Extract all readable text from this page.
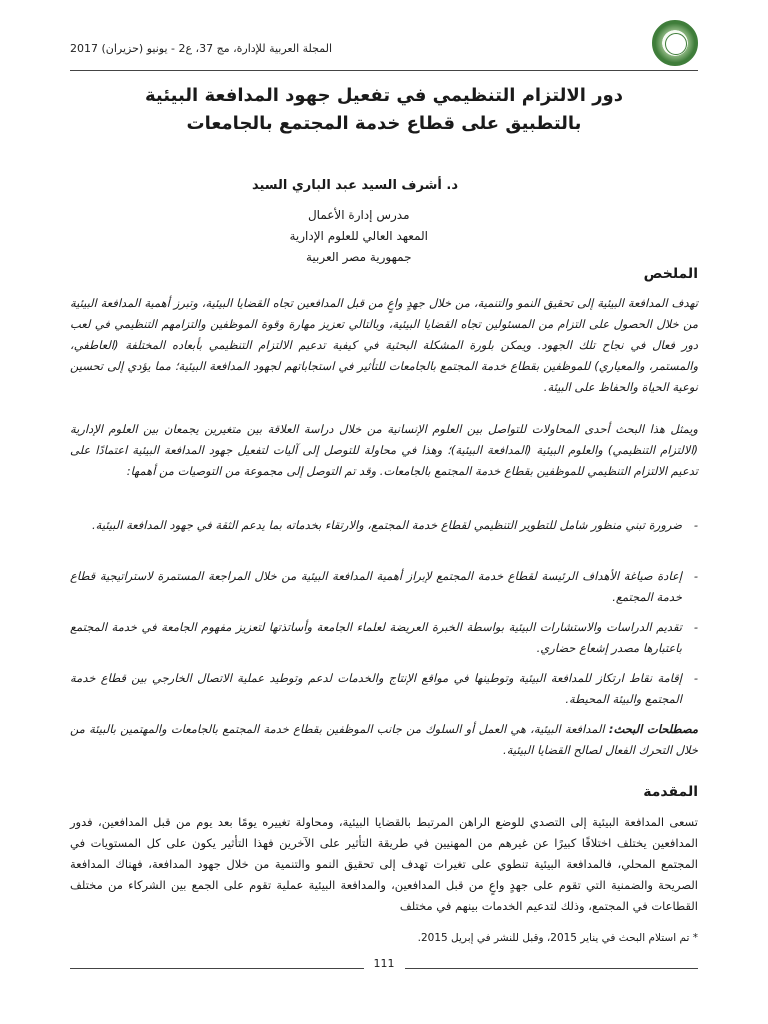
المجلة العربية للإدارة، مج 37، ع2 - يونيو (حزيران) 2017
دور الالتزام التنظيمي في تفعيل جهود المدافعة البيئية
بالتطبيق على قطاع خدمة المجتمع بالجامعات
د. أشرف السيد عبد الباري السيد
مدرس إدارة الأعمال
المعهد العالي للعلوم الإدارية
جمهورية مصر العربية
الملخص
تهدف المدافعة البيئية إلى تحقيق النمو والتنمية، من خلال جهدٍ واعٍ من قبل المدافعين تجاه القضايا البيئية، وتبرز أهمية المدافعة البيئية من خلال الحصول على التزام من المسئولين تجاه القضايا البيئية، وبالتالي تعزيز مهارة وقوة الموظفين والتزامهم التنظيمي في لعب دور فعال في نجاح تلك الجهود. ويمكن بلورة المشكلة البحثية في كيفية تدعيم الالتزام التنظيمي بأبعاده المختلفة (العاطفي، والمستمر، والمعياري) للموظفين بقطاع خدمة المجتمع بالجامعات للتأثير في استجاباتهم لجهود المدافعة البيئية؛ مما يؤدي إلى تحسين نوعية الحياة والحفاظ على البيئة.
ويمثل هذا البحث أحدى المحاولات للتواصل بين العلوم الإنسانية من خلال دراسة العلاقة بين متغيرين يجمعان بين العلوم الإدارية (الالتزام التنظيمي) والعلوم البيئية (المدافعة البيئية)؛ وهذا في محاولة للتوصل إلى آليات لتفعيل جهود المدافعة البيئية اعتمادًا على تدعيم الالتزام التنظيمي للموظفين بقطاع خدمة المجتمع بالجامعات. وقد تم التوصل إلى مجموعة من التوصيات من أهمها:
-
ضرورة تبني منظور شامل للتطوير التنظيمي لقطاع خدمة المجتمع، والارتقاء بخدماته بما يدعم الثقة في جهود المدافعة البيئية.
-
إعادة صياغة الأهداف الرئيسة لقطاع خدمة المجتمع لإبراز أهمية المدافعة البيئية من خلال المراجعة المستمرة لاستراتيجية قطاع خدمة المجتمع.
-
تقديم الدراسات والاستشارات البيئية بواسطة الخبرة العريضة لعلماء الجامعة وأساتذتها لتعزيز مفهوم الجامعة في خدمة المجتمع باعتبارها مصدر إشعاع حضاري.
-
إقامة نقاط ارتكاز للمدافعة البيئية وتوطينها في مواقع الإنتاج والخدمات لدعم وتوطيد عملية الاتصال الخارجي بين قطاع خدمة المجتمع والبيئة المحيطة.
مصطلحات البحث: المدافعة البيئية، هي العمل أو السلوك من جانب الموظفين بقطاع خدمة المجتمع بالجامعات والمهتمين بالبيئة من خلال التحرك الفعال لصالح القضايا البيئية.
المقدمة
تسعى المدافعة البيئية إلى التصدي للوضع الراهن المرتبط بالقضايا البيئية، ومحاولة تغييره يومًا بعد يوم من قبل المدافعين، فدور المدافعين يختلف اختلافًا كبيرًا عن غيرهم من المهنيين في طريقة التأثير على الآخرين فهذا التأثير يكون على كل المستويات في المجتمع المحلي، فالمدافعة البيئية تنطوي على تغيرات تهدف إلى تحقيق النمو والتنمية من خلال جهود المدافعة، فهناك المدافعة الصريحة والضمنية التي تقوم على جهدٍ واعٍ من قبل المدافعين، والمدافعة البيئية عملية تقوم على الجمع بين الشركاء من مختلف القطاعات في المجتمع، وذلك لتدعيم الخدمات بينهم في مختلف
* تم استلام البحث في يناير 2015، وقبل للنشر في إبريل 2015.
111
